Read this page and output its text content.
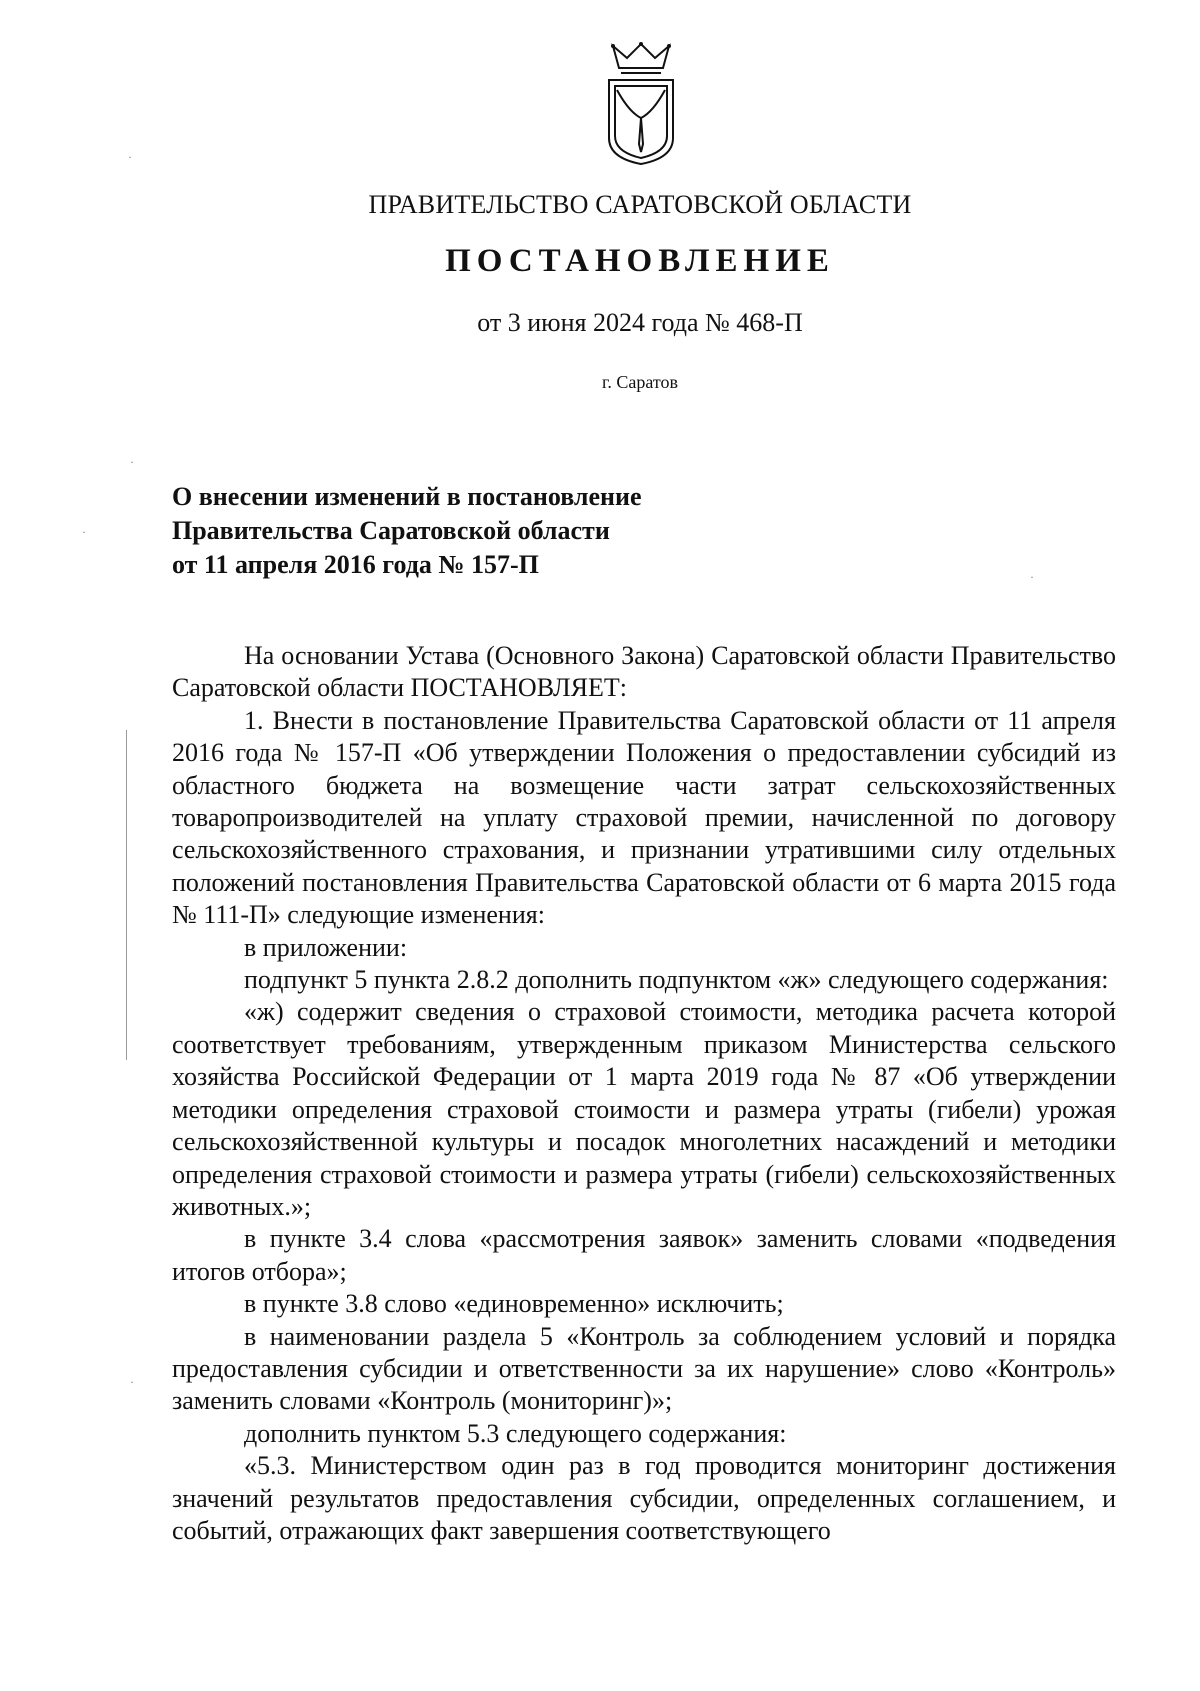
ПРАВИТЕЛЬСТВО САРАТОВСКОЙ ОБЛАСТИ
ПОСТАНОВЛЕНИЕ
от 3 июня 2024 года № 468-П
г. Саратов
О внесении изменений в постановление
Правительства Саратовской области
от 11 апреля 2016 года № 157-П

На основании Устава (Основного Закона) Саратовской области Правительство Саратовской области ПОСТАНОВЛЯЕТ:

1. Внести в постановление Правительства Саратовской области от 11 апреля 2016 года № 157-П «Об утверждении Положения о предоставлении субсидий из областного бюджета на возмещение части затрат сельскохозяйственных товаропроизводителей на уплату страховой премии, начисленной по договору сельскохозяйственного страхования, и признании утратившими силу отдельных положений постановления Правительства Саратовской области от 6 марта 2015 года № 111-П» следующие изменения:

в приложении:

подпункт 5 пункта 2.8.2 дополнить подпунктом «ж» следующего содержания:

«ж) содержит сведения о страховой стоимости, методика расчета которой соответствует требованиям, утвержденным приказом Министерства сельского хозяйства Российской Федерации от 1 марта 2019 года № 87 «Об утверждении методики определения страховой стоимости и размера утраты (гибели) урожая сельскохозяйственной культуры и посадок многолетних насаждений и методики определения страховой стоимости и размера утраты (гибели) сельскохозяйственных животных.»;

в пункте 3.4 слова «рассмотрения заявок» заменить словами «подведения итогов отбора»;

в пункте 3.8 слово «единовременно» исключить;

в наименовании раздела 5 «Контроль за соблюдением условий и порядка предоставления субсидии и ответственности за их нарушение» слово «Контроль» заменить словами «Контроль (мониторинг)»;

дополнить пунктом 5.3 следующего содержания:

«5.3. Министерством один раз в год проводится мониторинг достижения значений результатов предоставления субсидии, определенных соглашением, и событий, отражающих факт завершения соответствующего

·
·
·
·
·
